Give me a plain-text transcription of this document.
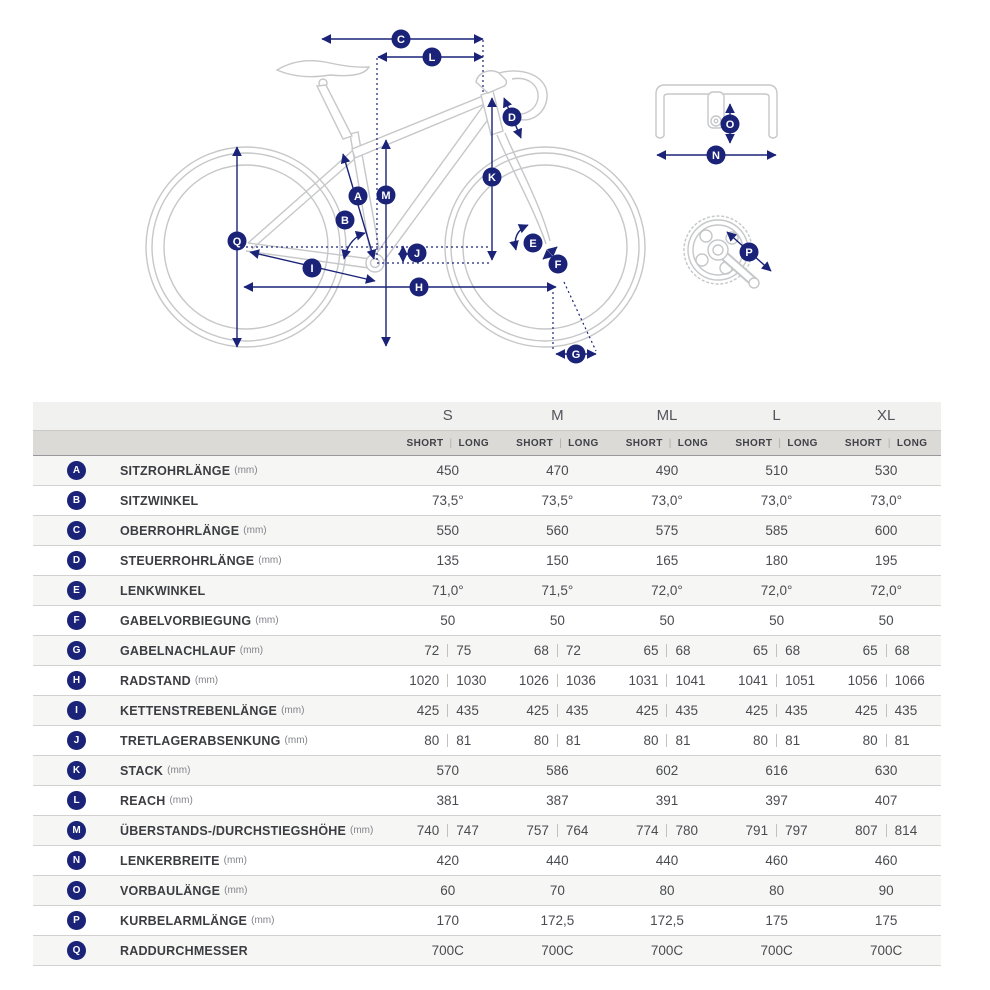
C
L
D
A
B
M
K
Q
I
J
H
E
F
G
O
N
P
S	M	ML	L	XL
SHORT | LONG	SHORT | LONG	SHORT | LONG	SHORT | LONG	SHORT | LONG
A	SITZROHRLÄNGE (mm)	450	470	490	510	530
B	SITZWINKEL	73,5°	73,5°	73,0°	73,0°	73,0°
C	OBERROHRLÄNGE (mm)	550	560	575	585	600
D	STEUERROHRLÄNGE (mm)	135	150	165	180	195
E	LENKWINKEL	71,0°	71,5°	72,0°	72,0°	72,0°
F	GABELVORBIEGUNG (mm)	50	50	50	50	50
G	GABELNACHLAUF (mm)	72	75	68	72	65	68	65	68	65	68
H	RADSTAND (mm)	1020	1030	1026	1036	1031	1041	1041	1051	1056	1066
I	KETTENSTREBENLÄNGE (mm)	425	435	425	435	425	435	425	435	425	435
J	TRETLAGERABSENKUNG (mm)	80	81	80	81	80	81	80	81	80	81
K	STACK (mm)	570	586	602	616	630
L	REACH (mm)	381	387	391	397	407
M	ÜBERSTANDS-/DURCHSTIEGSHÖHE (mm)	740	747	757	764	774	780	791	797	807	814
N	LENKERBREITE (mm)	420	440	440	460	460
O	VORBAULÄNGE (mm)	60	70	80	80	90
P	KURBELARMLÄNGE (mm)	170	172,5	172,5	175	175
Q	RADDURCHMESSER	700C	700C	700C	700C	700C
